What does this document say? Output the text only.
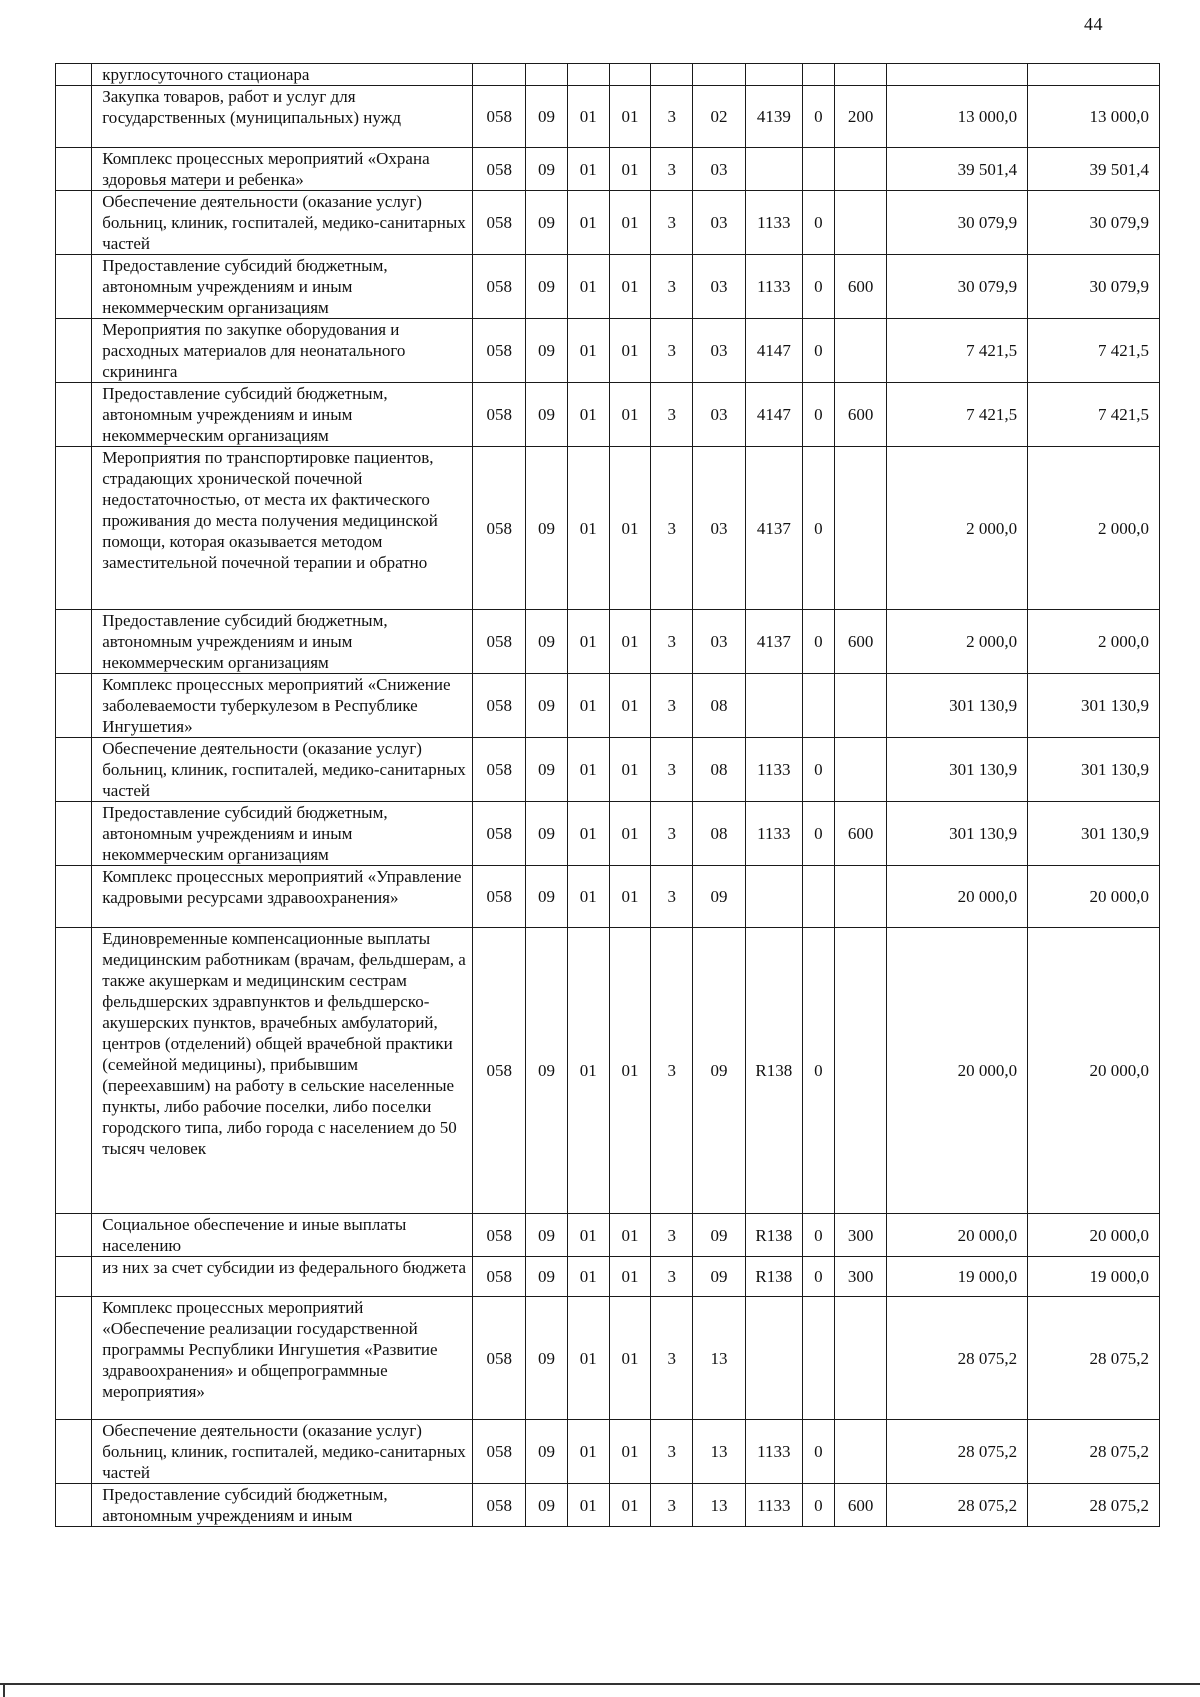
44
	круглосуточного стационара											
	Закупка товаров, работ и услуг для государственных (муниципальных) нужд	058	09	01	01	3	02	4139	0	200	13 000,0	13 000,0
	Комплекс процессных мероприятий «Охрана здоровья матери и ребенка»	058	09	01	01	3	03				39 501,4	39 501,4
	Обеспечение деятельности (оказание услуг) больниц, клиник, госпиталей, медико-санитарных частей	058	09	01	01	3	03	1133	0		30 079,9	30 079,9
	Предоставление субсидий бюджетным, автономным учреждениям и иным некоммерческим организациям	058	09	01	01	3	03	1133	0	600	30 079,9	30 079,9
	Мероприятия по закупке оборудования и расходных материалов для неонатального скрининга	058	09	01	01	3	03	4147	0		7 421,5	7 421,5
	Предоставление субсидий бюджетным, автономным учреждениям и иным некоммерческим организациям	058	09	01	01	3	03	4147	0	600	7 421,5	7 421,5
	Мероприятия по транспортировке пациентов, страдающих хронической почечной недостаточностью, от места их фактического проживания до места получения медицинской помощи, которая оказывается методом заместительной почечной терапии и обратно	058	09	01	01	3	03	4137	0		2 000,0	2 000,0
	Предоставление субсидий бюджетным, автономным учреждениям и иным некоммерческим организациям	058	09	01	01	3	03	4137	0	600	2 000,0	2 000,0
	Комплекс процессных мероприятий «Снижение заболеваемости туберкулезом в Республике Ингушетия»	058	09	01	01	3	08				301 130,9	301 130,9
	Обеспечение деятельности (оказание услуг) больниц, клиник, госпиталей, медико-санитарных частей	058	09	01	01	3	08	1133	0		301 130,9	301 130,9
	Предоставление субсидий бюджетным, автономным учреждениям и иным некоммерческим организациям	058	09	01	01	3	08	1133	0	600	301 130,9	301 130,9
	Комплекс процессных мероприятий «Управление кадровыми ресурсами здравоохранения»	058	09	01	01	3	09				20 000,0	20 000,0
	Единовременные компенсационные выплаты медицинским работникам (врачам, фельдшерам, а также акушеркам и медицинским сестрам фельдшерских здравпунктов и фельдшерско-акушерских пунктов, врачебных амбулаторий, центров (отделений) общей врачебной практики (семейной медицины), прибывшим (переехавшим) на работу в сельские населенные пункты, либо рабочие поселки, либо поселки городского типа, либо города с населением до 50 тысяч человек	058	09	01	01	3	09	R138	0		20 000,0	20 000,0
	Социальное обеспечение и иные выплаты населению	058	09	01	01	3	09	R138	0	300	20 000,0	20 000,0
	из них за счет субсидии из федерального бюджета	058	09	01	01	3	09	R138	0	300	19 000,0	19 000,0
	Комплекс процессных мероприятий «Обеспечение реализации государственной программы Республики Ингушетия «Развитие здравоохранения» и общепрограммные мероприятия»	058	09	01	01	3	13				28 075,2	28 075,2
	Обеспечение деятельности (оказание услуг) больниц, клиник, госпиталей, медико-санитарных частей	058	09	01	01	3	13	1133	0		28 075,2	28 075,2
	Предоставление субсидий бюджетным, автономным учреждениям и иным	058	09	01	01	3	13	1133	0	600	28 075,2	28 075,2
